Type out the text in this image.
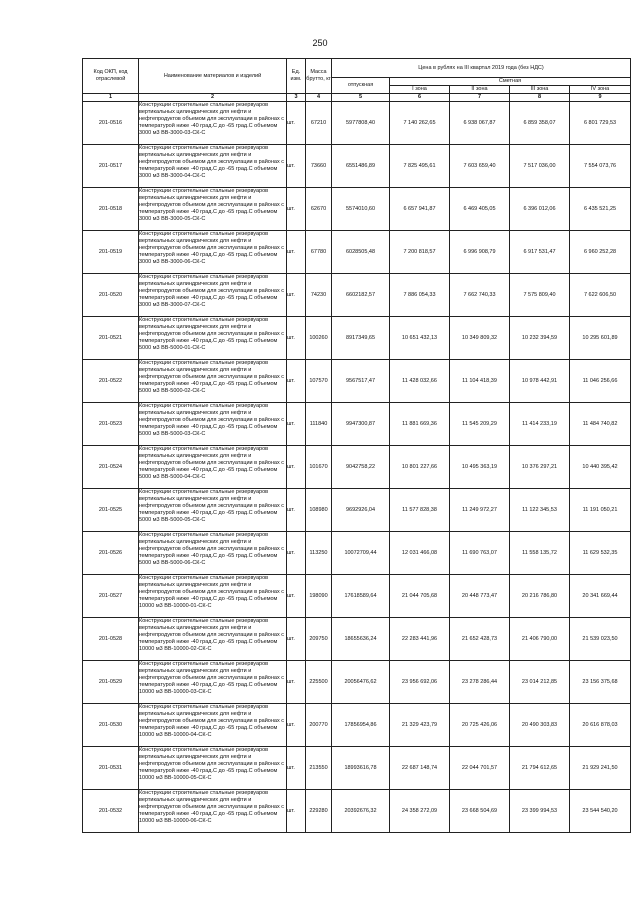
250
Код ОКП, код отраслевой	Наименование материалов и изделий	Ед. изм.	Масса брутто, кг	Цена в рублях на III квартал 2019 года (без НДС)				
				отпускная	Сметная			
					I зона	II зона	III зона	IV зона
1	2	3	4	5	6	7	8	9
201-0516	Конструкции строительные стальные резервуаров вертикальных цилиндрических для нефти и нефтепродуктов объемом для эксплуатации в районах с температурой ниже -40 град.С до -65 град.С объемом 3000 м3 ВВ-3000-03-СК-С	шт.	67210	5977808,40	7 140 262,65	6 938 067,87	6 859 358,07	6 801 729,53
201-0517	Конструкции строительные стальные резервуаров вертикальных цилиндрических для нефти и нефтепродуктов объемом для эксплуатации в районах с температурой ниже -40 град.С до -65 град.С объемом 3000 м3 ВВ-3000-04-СК-С	шт.	73660	6551486,89	7 825 495,61	7 603 659,40	7 517 036,00	7 554 073,76
201-0518	Конструкции строительные стальные резервуаров вертикальных цилиндрических для нефти и нефтепродуктов объемом для эксплуатации в районах с температурой ниже -40 град.С до -65 град.С объемом 3000 м3 ВВ-3000-05-СК-С	шт.	62670	5574010,60	6 657 941,87	6 469 405,05	6 396 012,06	6 435 521,25
201-0519	Конструкции строительные стальные резервуаров вертикальных цилиндрических для нефти и нефтепродуктов объемом для эксплуатации в районах с температурой ниже -40 град.С до -65 град.С объемом 3000 м3 ВВ-3000-06-СК-С	шт.	67780	6028505,48	7 200 818,57	6 996 908,79	6 917 531,47	6 960 252,28
201-0520	Конструкции строительные стальные резервуаров вертикальных цилиндрических для нефти и нефтепродуктов объемом для эксплуатации в районах с температурой ниже -40 град.С до -65 град.С объемом 3000 м3 ВВ-3000-07-СК-С	шт.	74230	6602182,57	7 886 054,33	7 662 740,33	7 575 809,40	7 622 606,50
201-0521	Конструкции строительные стальные резервуаров вертикальных цилиндрических для нефти и нефтепродуктов объемом для эксплуатации в районах с температурой ниже -40 град.С до -65 град.С объемом 5000 м3 ВВ-5000-01-СК-С	шт.	100260	8917349,65	10 651 432,13	10 349 809,32	10 232 394,59	10 295 601,89
201-0522	Конструкции строительные стальные резервуаров вертикальных цилиндрических для нефти и нефтепродуктов объемом для эксплуатации в районах с температурой ниже -40 град.С до -65 град.С объемом 5000 м3 ВВ-5000-02-СК-С	шт.	107570	9567517,47	11 428 032,66	11 104 418,39	10 978 442,91	11 046 256,66
201-0523	Конструкции строительные стальные резервуаров вертикальных цилиндрических для нефти и нефтепродуктов объемом для эксплуатации в районах с температурой ниже -40 град.С до -65 град.С объемом 5000 м3 ВВ-5000-03-СК-С	шт.	111840	9947300,87	11 881 669,36	11 545 209,29	11 414 233,19	11 484 740,82
201-0524	Конструкции строительные стальные резервуаров вертикальных цилиндрических для нефти и нефтепродуктов объемом для эксплуатации в районах с температурой ниже -40 град.С до -65 град.С объемом 5000 м3 ВВ-5000-04-СК-С	шт.	101670	9042758,22	10 801 227,66	10 495 363,19	10 376 297,21	10 440 395,42
201-0525	Конструкции строительные стальные резервуаров вертикальных цилиндрических для нефти и нефтепродуктов объемом для эксплуатации в районах с температурой ниже -40 град.С до -65 град.С объемом 5000 м3 ВВ-5000-05-СК-С	шт.	108980	9692926,04	11 577 828,38	11 249 972,27	11 122 345,53	11 191 050,21
201-0526	Конструкции строительные стальные резервуаров вертикальных цилиндрических для нефти и нефтепродуктов объемом для эксплуатации в районах с температурой ниже -40 град.С до -65 град.С объемом 5000 м3 ВВ-5000-06-СК-С	шт.	113250	10072709,44	12 031 466,08	11 690 763,07	11 558 135,72	11 629 532,35
201-0527	Конструкции строительные стальные резервуаров вертикальных цилиндрических для нефти и нефтепродуктов объемом для эксплуатации в районах с температурой ниже -40 град.С до -65 град.С объемом 10000 м3 ВВ-10000-01-СК-С	шт.	198090	17618589,64	21 044 705,68	20 448 773,47	20 216 786,80	20 341 669,44
201-0528	Конструкции строительные стальные резервуаров вертикальных цилиндрических для нефти и нефтепродуктов объемом для эксплуатации в районах с температурой ниже -40 град.С до -65 град.С объемом 10000 м3 ВВ-10000-02-СК-С	шт.	209750	18655636,24	22 283 441,96	21 652 428,73	21 406 790,00	21 539 023,50
201-0529	Конструкции строительные стальные резервуаров вертикальных цилиндрических для нефти и нефтепродуктов объемом для эксплуатации в районах с температурой ниже -40 град.С до -65 град.С объемом 10000 м3 ВВ-10000-03-СК-С	шт.	225500	20056476,62	23 956 692,06	23 278 286,44	23 014 212,85	23 156 375,68
201-0530	Конструкции строительные стальные резервуаров вертикальных цилиндрических для нефти и нефтепродуктов объемом для эксплуатации в районах с температурой ниже -40 град.С до -65 град.С объемом 10000 м3 ВВ-10000-04-СК-С	шт.	200770	17856954,86	21 329 423,79	20 725 426,06	20 490 303,83	20 616 878,03
201-0531	Конструкции строительные стальные резервуаров вертикальных цилиндрических для нефти и нефтепродуктов объемом для эксплуатации в районах с температурой ниже -40 град.С до -65 град.С объемом 10000 м3 ВВ-10000-05-СК-С	шт.	213550	18993616,78	22 687 148,74	22 044 701,57	21 794 612,65	21 929 241,50
201-0532	Конструкции строительные стальные резервуаров вертикальных цилиндрических для нефти и нефтепродуктов объемом для эксплуатации в районах с температурой ниже -40 град.С до -65 град.С объемом 10000 м3 ВВ-10000-06-СК-С	шт.	229280	20392676,32	24 358 272,09	23 668 504,69	23 399 994,53	23 544 540,20
